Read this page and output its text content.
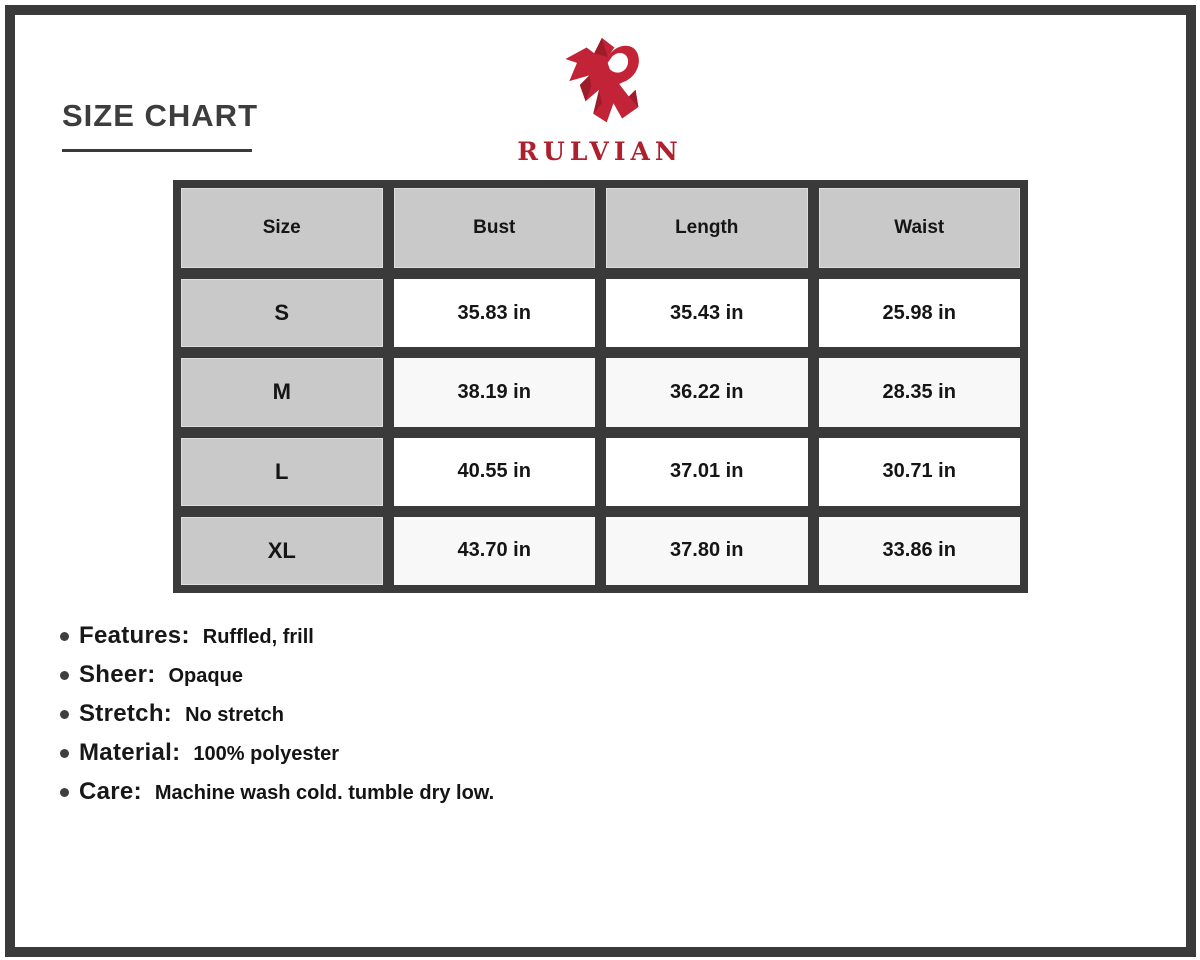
SIZE CHART
RULVIAN
Size	Bust	Length	Waist
S	35.83 in	35.43 in	25.98 in
M	38.19 in	36.22 in	28.35 in
L	40.55 in	37.01 in	30.71 in
XL	43.70 in	37.80 in	33.86 in
Features: Ruffled, frill
Sheer: Opaque
Stretch: No stretch
Material: 100% polyester
Care: Machine wash cold. tumble dry low.
